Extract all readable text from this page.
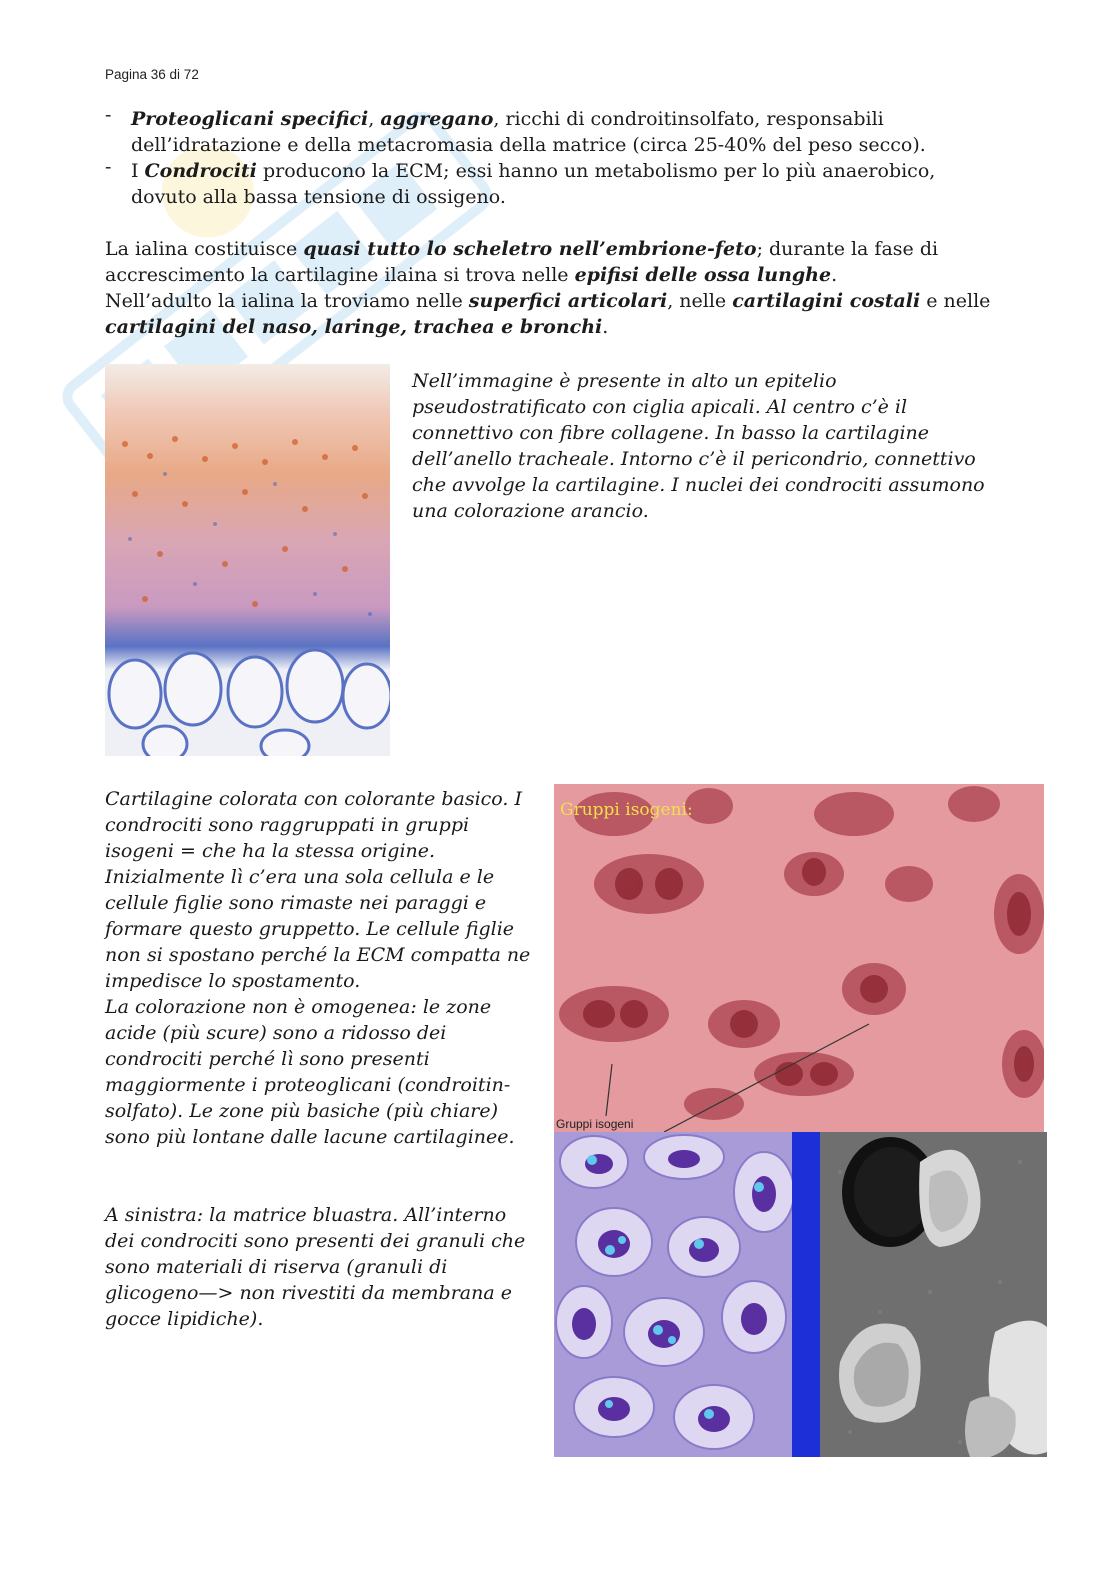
Pagina 36 di 72
- Proteoglicani specifici, aggregano, ricchi di condroitinsolfato, responsabili dell’idratazione e della metacromasia della matrice (circa 25-40% del peso secco).
- I Condrociti producono la ECM; essi hanno un metabolismo per lo più anaerobico, dovuto alla bassa tensione di ossigeno.

La ialina costituisce quasi tutto lo scheletro nell’embrione-feto; durante la fase di accrescimento la cartilagine ilaina si trova nelle epifisi delle ossa lunghe.
Nell’adulto la ialina la troviamo nelle superfici articolari, nelle cartilagini costali e nelle cartilagini del naso, laringe, trachea e bronchi.

Nell’immagine è presente in alto un epitelio pseudostratificato con ciglia apicali. Al centro c’è il connettivo con fibre collagene. In basso la cartilagine dell’anello tracheale. Intorno c’è il pericondrio, connettivo che avvolge la cartilagine. I nuclei dei condrociti assumono una colorazione arancio.

Cartilagine colorata con colorante basico. I condrociti sono raggruppati in gruppi isogeni = che ha la stessa origine. Inizialmente lì c’era una sola cellula e le cellule figlie sono rimaste nei paraggi e formare questo gruppetto. Le cellule figlie non si spostano perché la ECM compatta ne impedisce lo spostamento.
La colorazione non è omogenea: le zone acide (più scure) sono a ridosso dei condrociti perché lì sono presenti maggiormente i proteoglicani (condroitin-solfato). Le zone più basiche (più chiare) sono più lontane dalle lacune cartilaginee.

A sinistra: la matrice bluastra. All’interno dei condrociti sono presenti dei granuli che sono materiali di riserva (granuli di glicogeno—> non rivestiti da membrana e gocce lipidiche).

Gruppi isogeni:
Gruppi isogeni
